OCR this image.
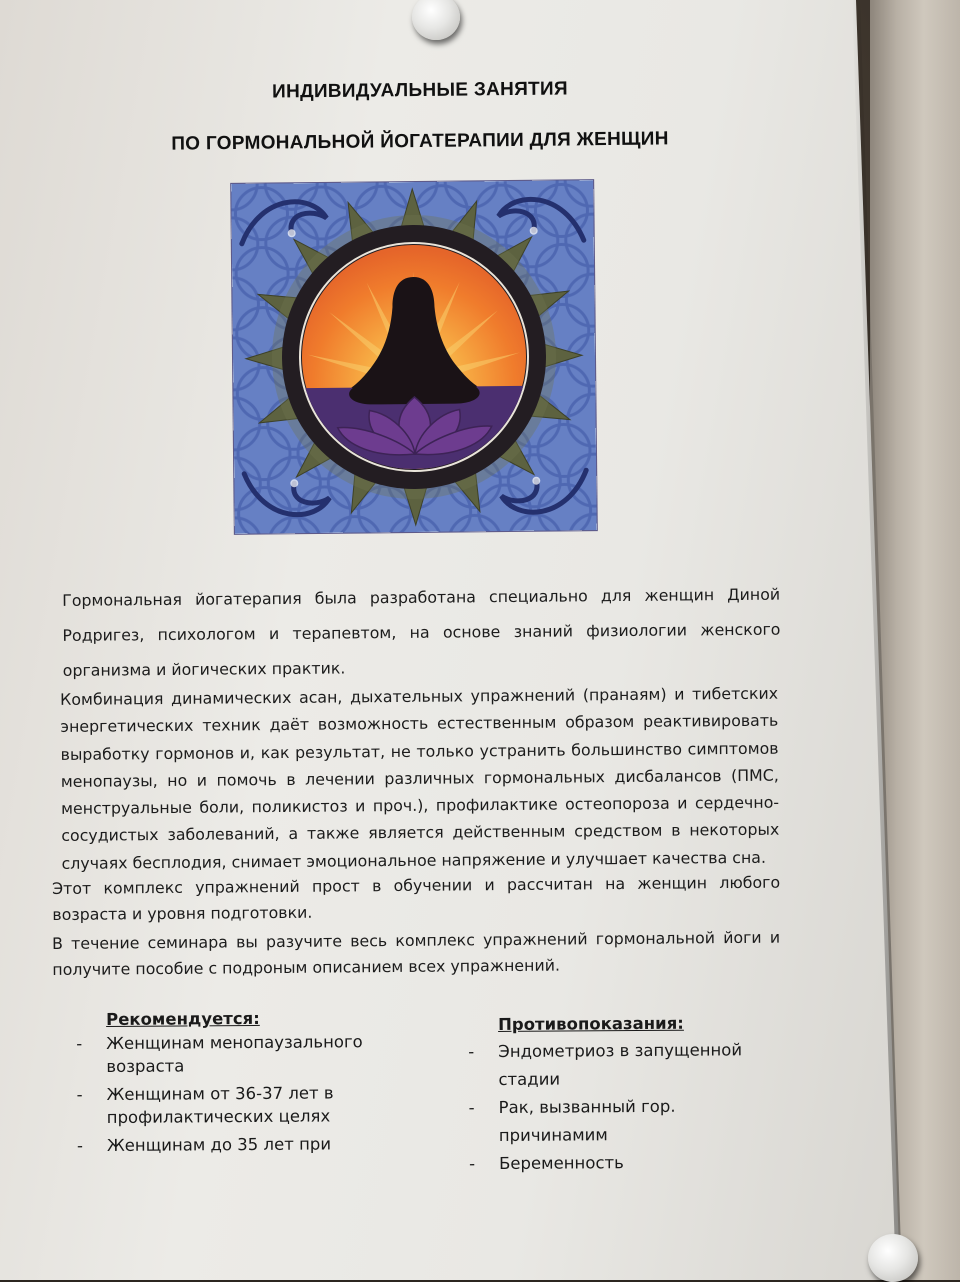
ИНДИВИДУАЛЬНЫЕ ЗАНЯТИЯ
ПО ГОРМОНАЛЬНОЙ ЙОГАТЕРАПИИ ДЛЯ ЖЕНЩИН

Гормональная йогатерапия была разработана специально для женщин Диной Родригез, психологом и терапевтом, на основе знаний физиологии женского организма и йогических практик.

Комбинация динамических асан, дыхательных упражнений (пранаям) и тибетских энергетических техник даёт возможность естественным образом реактивировать выработку гормонов и, как результат, не только устранить большинство симптомов менопаузы, но и помочь в лечении различных гормональных дисбалансов (ПМС, менструальные боли, поликистоз и проч.), профилактике остеопороза и сердечно-сосудистых заболеваний, а также является действенным средством в некоторых случаях бесплодия, снимает эмоциональное напряжение и улучшает качества сна.

Этот комплекс упражнений прост в обучении и рассчитан на женщин любого возраста и уровня подготовки.

В течение семинара вы разучите весь комплекс упражнений гормональной йоги и получите пособие с подроным описанием всех упражнений.

Рекомендуется:
- Женщинам менопаузального возраста
- Женщинам от 36-37 лет в профилактических целях
- Женщинам до 35 лет при
Противопоказания:
- Эндометриоз в запущенной стадии
- Рак, вызванный гор. причинамим
- Беременность
